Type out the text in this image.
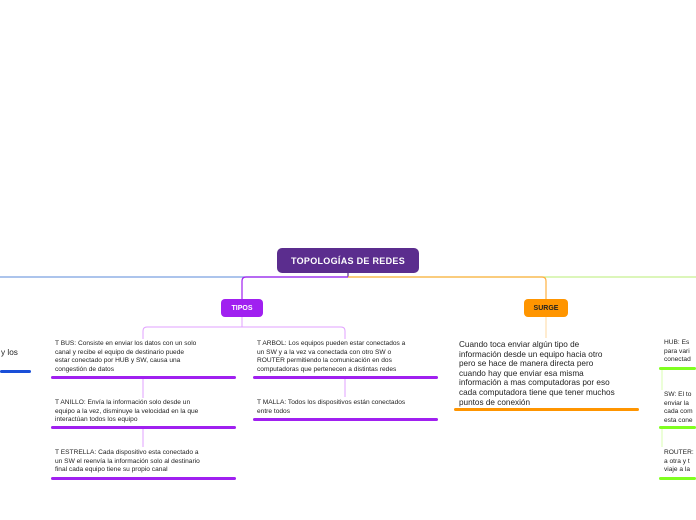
TOPOLOGÍAS DE REDES
TIPOS	SURGE
T BUS: Consiste en enviar los datos con un solo
canal y recibe el equipo de destinario puede
estar conectado por HUB y SW, causa una
congestión de datos
T ANILLO: Envía la información solo desde un
equipo a la vez, disminuye la velocidad en la que
interactúan todos los equipo
T ESTRELLA: Cada dispositivo esta conectado a
un SW el reenvía la información solo al destinario
final cada equipo tiene su propio canal
T ARBOL: Los equipos pueden estar conectados a
un SW y a la vez va conectada con otro SW o
ROUTER permitiendo la comunicación en dos
computadoras que pertenecen a distintas redes
T MALLA: Todos los dispositivos están conectados
entre todos
Cuando toca enviar algún tipo de
información desde un equipo hacia otro
pero se hace de manera directa pero
cuando hay que enviar esa misma
información a mas computadoras por eso
cada computadora tiene que tener muchos
puntos de conexión
y los
HUB: Es
para vari
conectad
SW: El to
enviar la
cada com
esta cone
ROUTER:
a otra y t
viaje a la
